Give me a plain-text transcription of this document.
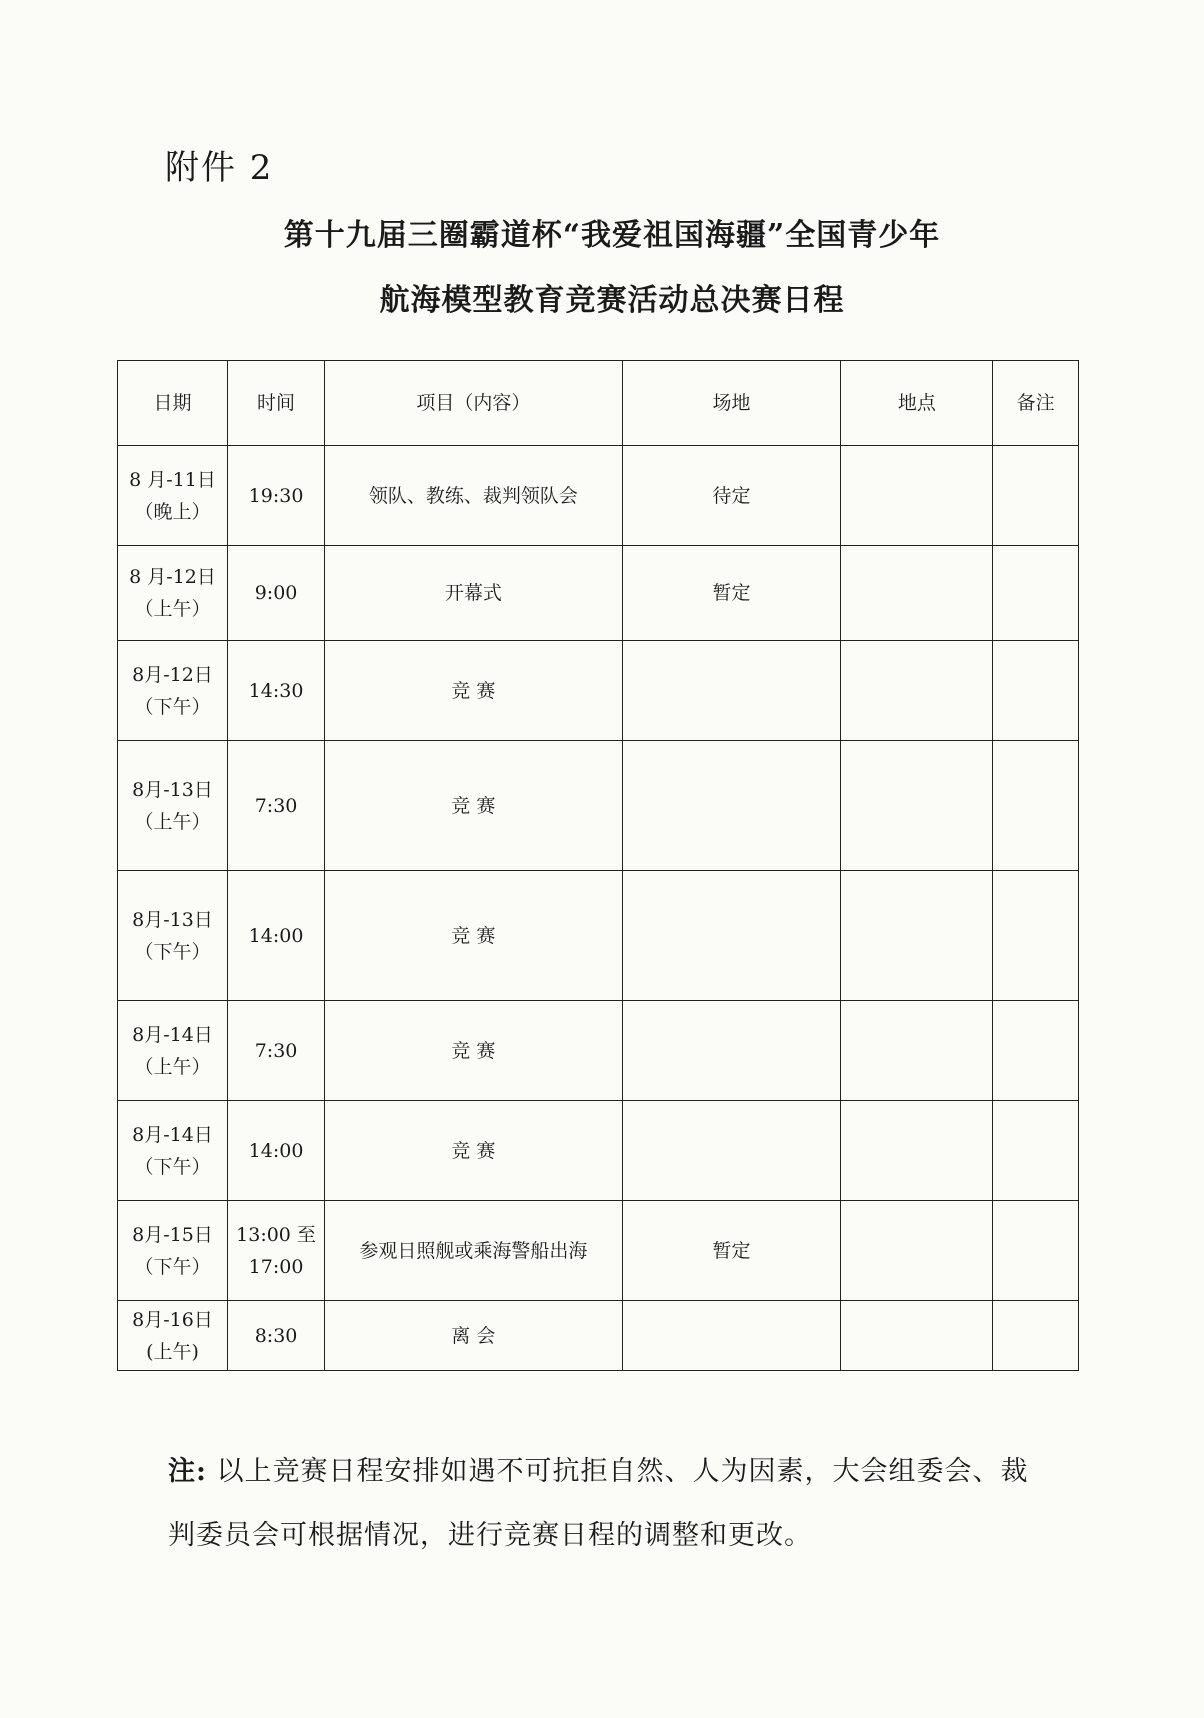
附件 2
第十九届三圈霸道杯“我爱祖国海疆”全国青少年
航海模型教育竞赛活动总决赛日程
日期	时间	项目（内容）	场地	地点	备注
8 月-11日（晚上）	19:30	领队、教练、裁判领队会	待定		
8 月-12日（上午）	9:00	开幕式	暂定		
8月-12日（下午）	14:30	竞 赛			
8月-13日（上午）	7:30	竞 赛			
8月-13日（下午）	14:00	竞 赛			
8月-14日（上午）	7:30	竞 赛			
8月-14日（下午）	14:00	竞 赛			
8月-15日（下午）	13:00 至 17:00	参观日照舰或乘海警船出海	暂定		
8月-16日(上午)	8:30	离 会			
注: 以上竞赛日程安排如遇不可抗拒自然、人为因素，大会组委会、裁判委员会可根据情况，进行竞赛日程的调整和更改。
